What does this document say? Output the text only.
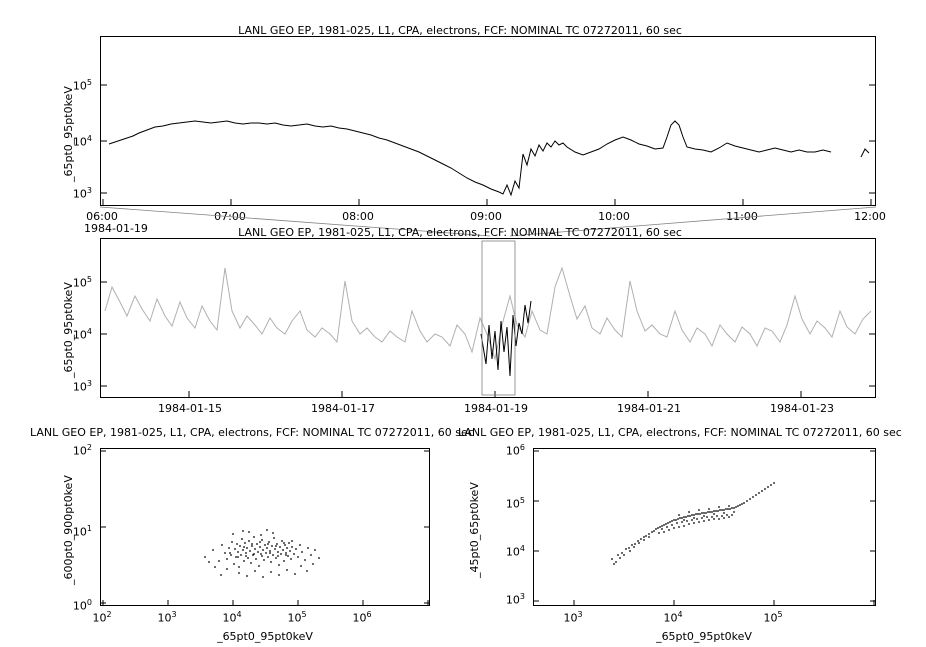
LANL GEO EP, 1981-025, L1, CPA, electrons, FCF: NOMINAL TC 07272011, 60 sec
_65pt0_95pt0keV
$10^5$
$10^4$
$10^3$
06:00	07:00	08:00	09:00	10:00	11:00	12:00
1984-01-19	LANL GEO EP, 1981-025, L1, CPA, electrons, FCF: NOMINAL TC 07272011, 60 sec
_65pt0_95pt0keV
$10^5$
$10^4$
$10^3$
1984-01-15	1984-01-17	1984-01-19	1984-01-21	1984-01-23
LANL GEO EP, 1981-025, L1, CPA, electrons, FCF: NOMINAL TC 07272011, 60 sec
_600pt0_900pt0keV
$10^2$
$10^1$
$10^0$
$10^2$	$10^3$	$10^4$	$10^5$	$10^6$
_65pt0_95pt0keV
LANL GEO EP, 1981-025, L1, CPA, electrons, FCF: NOMINAL TC 07272011, 60 sec
_45pt0_65pt0keV
$10^6$
$10^5$
$10^4$
$10^3$
$10^3$	$10^4$	$10^5$
_65pt0_95pt0keV
